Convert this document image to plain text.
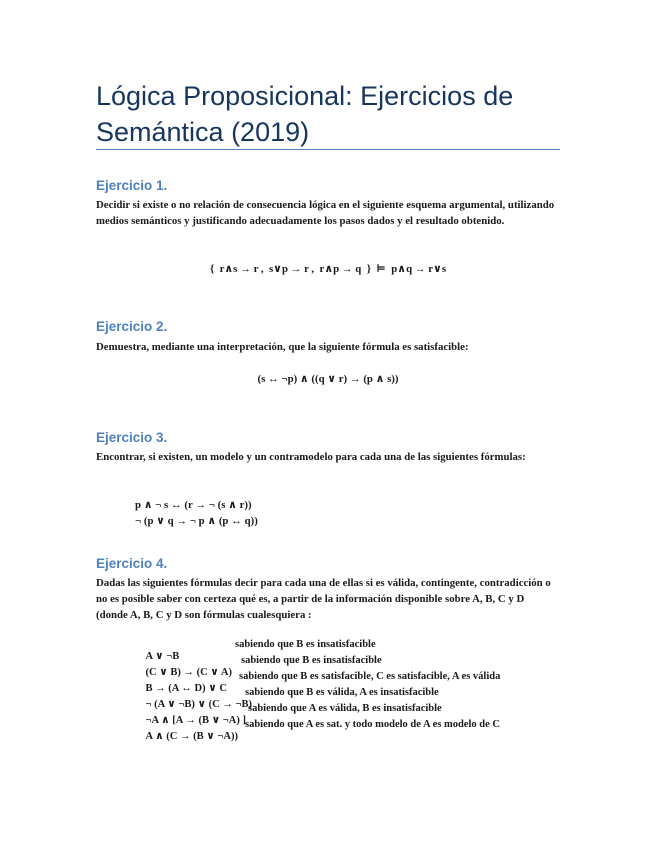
Lógica Proposicional: Ejercicios de Semántica (2019)
Ejercicio 1.

Decidir si existe o no relación de consecuencia lógica en el siguiente esquema argumental, utilizando medios semánticos y justificando adecuadamente los pasos dados y el resultado obtenido.

{  r∧s → r ,  s∨p → r ,  r∧p → q  }  ⊨  p∧q → r∨s

Ejercicio 2.

Demuestra, mediante una interpretación, que la siguiente fórmula es satisfacible:

(s ↔ ¬p) ∧ ((q ∨ r) → (p ∧ s))

Ejercicio 3.

Encontrar, si existen, un modelo y un contramodelo para cada una de las siguientes fórmulas:

p ∧ ¬ s ↔ (r → ¬ (s ∧ r))

¬ (p ∨ q → ¬ p ∧ (p ↔ q))

Ejercicio 4.

Dadas las siguientes fórmulas decir para cada una de ellas si es válida, contingente, contradicción o no es posible saber con certeza qué es, a partir de la información disponible sobre A, B, C y D (donde A, B, C y D son fórmulas cualesquiera :

A ∨ ¬B

sabiendo que B es insatisfacible

(C ∨ B) → (C ∨ A)

sabiendo que B es insatisfacible

B → (A ↔ D) ∨ C

sabiendo que B es satisfacible, C es satisfacible, A es válida

¬ (A ∨ ¬B) ∨ (C → ¬B)

sabiendo que B es válida, A es insatisfacible

¬A ∧ [A → (B ∨ ¬A) ]

sabiendo que A es válida, B es insatisfacible

A ∧ (C → (B ∨ ¬A))

sabiendo que A es sat. y todo modelo de A es modelo de C
